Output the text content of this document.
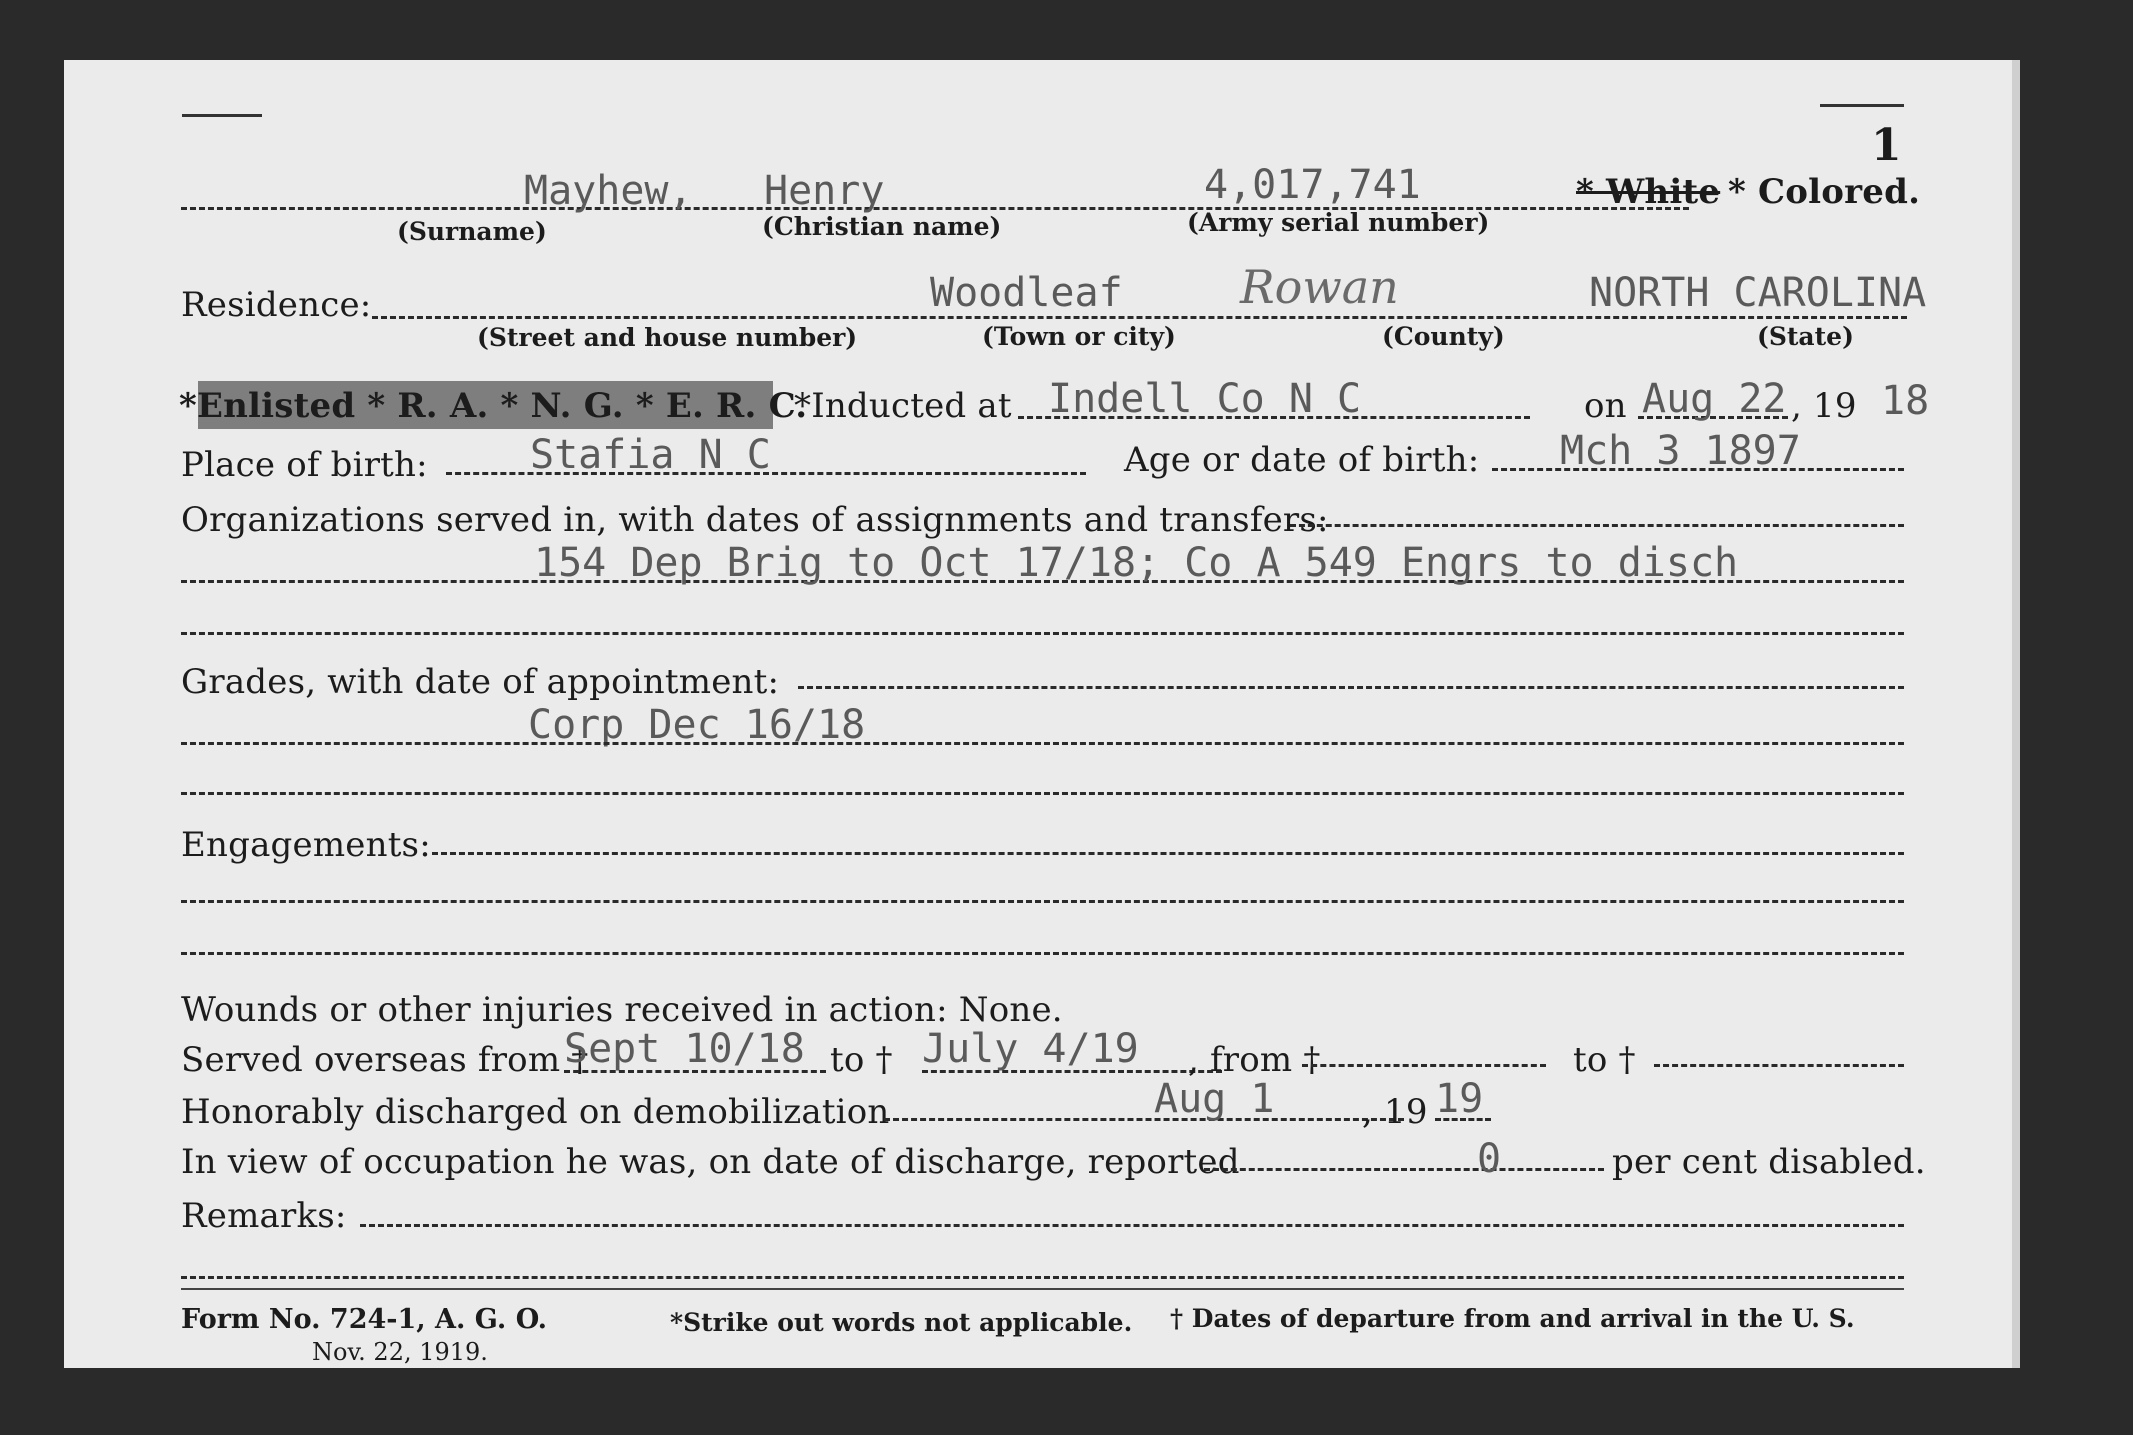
1
Mayhew, Henry	4,017,741
(Surname)	(Christian name)	(Army serial number)
* White * Colored.
Residence:	Woodleaf	Rowan	NORTH CAROLINA
(Street and house number)	(Town or city)	(County)	(State)
*Enlisted * R. A. * N. G. * E. R. C.
*Inducted at Indell Co N C	on Aug 22 , 19 18
Place of birth:	Stafia N C	Age or date of birth: Mch 3 1897
Organizations served in, with dates of assignments and transfers:
154 Dep Brig to Oct 17/18; Co A 549 Engrs to disch
Grades, with date of appointment:
Corp Dec 16/18
Engagements:
Wounds or other injuries received in action: None.
Served overseas from †
Sept 10/18 to † July 4/19 , from †	to †
Honorably discharged on demobilization	Aug 1	, 19 19
In view of occupation he was, on date of discharge, reported	0	per cent disabled.
Remarks:
Form No. 724-1, A. G. O.
Nov. 22, 1919.
*Strike out words not applicable. † Dates of departure from and arrival in the U. S.
